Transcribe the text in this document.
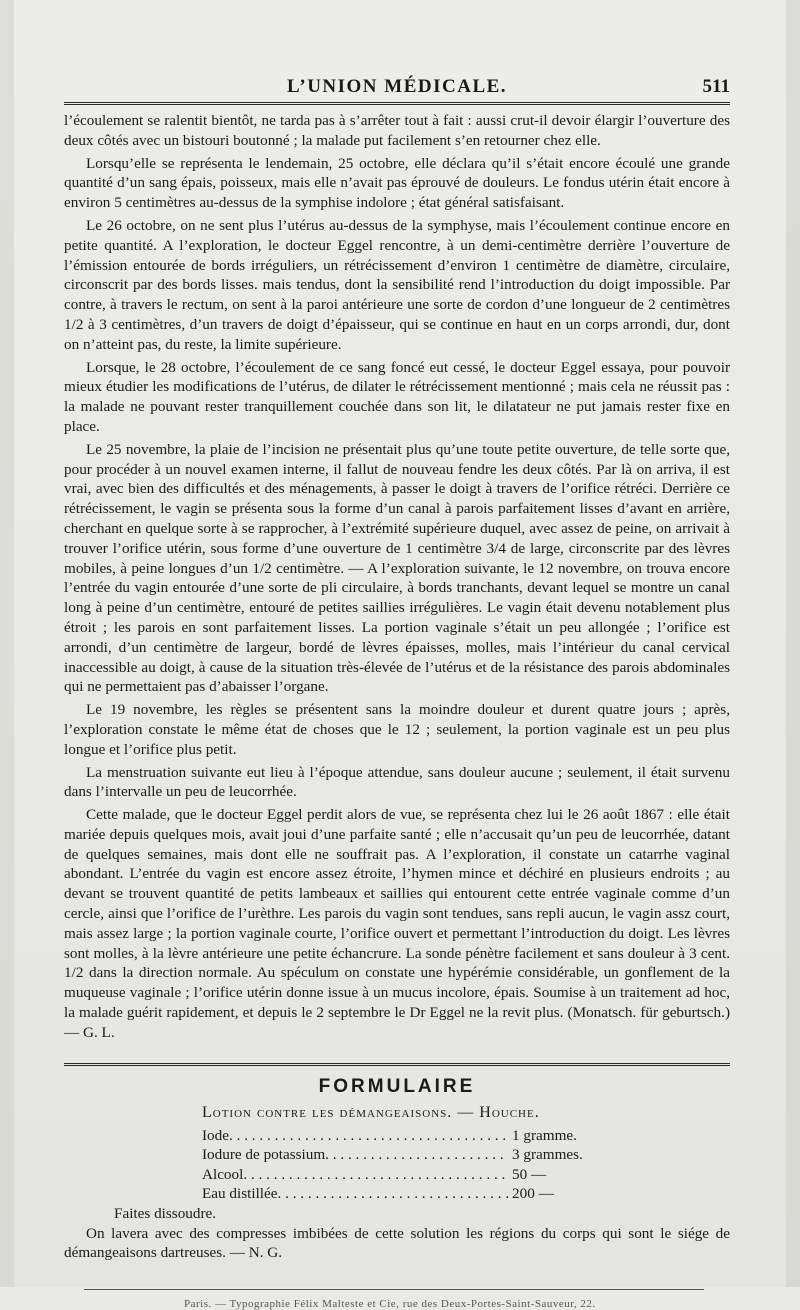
L’UNION MÉDICALE.	511

l’écoulement se ralentit bientôt, ne tarda pas à s’arrêter tout à fait : aussi crut-il devoir élargir l’ouverture des deux côtés avec un bistouri boutonné ; la malade put facilement s’en retourner chez elle.

Lorsqu’elle se représenta le lendemain, 25 octobre, elle déclara qu’il s’était encore écoulé une grande quantité d’un sang épais, poisseux, mais elle n’avait pas éprouvé de douleurs. Le fondus utérin était encore à environ 5 centimètres au-dessus de la symphise indolore ; état général satisfaisant.

Le 26 octobre, on ne sent plus l’utérus au-dessus de la symphyse, mais l’écoulement continue encore en petite quantité. A l’exploration, le docteur Eggel rencontre, à un demi-centimètre derrière l’ouverture de l’émission entourée de bords irréguliers, un rétrécissement d’environ 1 centimètre de diamètre, circulaire, circonscrit par des bords lisses. mais tendus, dont la sensibilité rend l’introduction du doigt impossible. Par contre, à travers le rectum, on sent à la paroi antérieure une sorte de cordon d’une longueur de 2 centimètres 1/2 à 3 centimètres, d’un travers de doigt d’épaisseur, qui se continue en haut en un corps arrondi, dur, dont on n’atteint pas, du reste, la limite supérieure.

Lorsque, le 28 octobre, l’écoulement de ce sang foncé eut cessé, le docteur Eggel essaya, pour pouvoir mieux étudier les modifications de l’utérus, de dilater le rétrécissement mentionné ; mais cela ne réussit pas : la malade ne pouvant rester tranquillement couchée dans son lit, le dilatateur ne put jamais rester fixe en place.

Le 25 novembre, la plaie de l’incision ne présentait plus qu’une toute petite ouverture, de telle sorte que, pour procéder à un nouvel examen interne, il fallut de nouveau fendre les deux côtés. Par là on arriva, il est vrai, avec bien des difficultés et des ménagements, à passer le doigt à travers de l’orifice rétréci. Derrière ce rétrécissement, le vagin se présenta sous la forme d’un canal à parois parfaitement lisses d’avant en arrière, cherchant en quelque sorte à se rapprocher, à l’extrémité supérieure duquel, avec assez de peine, on arrivait à trouver l’orifice utérin, sous forme d’une ouverture de 1 centimètre 3/4 de large, circonscrite par des lèvres mobiles, à peine longues d’un 1/2 centimètre. — A l’exploration suivante, le 12 novembre, on trouva encore l’entrée du vagin entourée d’une sorte de pli circulaire, à bords tranchants, devant lequel se montre un canal long à peine d’un centimètre, entouré de petites saillies irrégulières. Le vagin était devenu notablement plus étroit ; les parois en sont parfaitement lisses. La portion vaginale s’était un peu allongée ; l’orifice est arrondi, d’un centimètre de largeur, bordé de lèvres épaisses, molles, mais l’intérieur du canal cervical inaccessible au doigt, à cause de la situation très-élevée de l’utérus et de la résistance des parois abdominales qui ne permettaient pas d’abaisser l’organe.

Le 19 novembre, les règles se présentent sans la moindre douleur et durent quatre jours ; après, l’exploration constate le même état de choses que le 12 ; seulement, la portion vaginale est un peu plus longue et l’orifice plus petit.

La menstruation suivante eut lieu à l’époque attendue, sans douleur aucune ; seulement, il était survenu dans l’intervalle un peu de leucorrhée.

Cette malade, que le docteur Eggel perdit alors de vue, se représenta chez lui le 26 août 1867 : elle était mariée depuis quelques mois, avait joui d’une parfaite santé ; elle n’accusait qu’un peu de leucorrhée, datant de quelques semaines, mais dont elle ne souffrait pas. A l’exploration, il constate un catarrhe vaginal abondant. L’entrée du vagin est encore assez étroite, l’hymen mince et déchiré en plusieurs endroits ; au devant se trouvent quantité de petits lambeaux et saillies qui entourent cette entrée vaginale comme d’un cercle, ainsi que l’orifice de l’urèthre. Les parois du vagin sont tendues, sans repli aucun, le vagin assz court, mais assez large ; la portion vaginale courte, l’orifice ouvert et permettant l’introduction du doigt. Les lèvres sont molles, à la lèvre antérieure une petite échancrure. La sonde pénètre facilement et sans douleur à 3 cent. 1/2 dans la direction normale. Au spéculum on constate une hypérémie considérable, un gonflement de la muqueuse vaginale ; l’orifice utérin donne issue à un mucus incolore, épais. Soumise à un traitement ad hoc, la malade guérit rapidement, et depuis le 2 septembre le Dr Eggel ne la revit plus. (Monatsch. für geburtsch.) — G. L.

FORMULAIRE
Lotion contre les démangeaisons. — Houche.
Iode . . .	1 gramme.
Iodure de potassium . . .	3 grammes.
Alcool . . .	50 —
Eau distillée . . .	200 —
Faites dissoudre.

On lavera avec des compresses imbibées de cette solution les régions du corps qui sont le siége de démangeaisons dartreuses. — N. G.

Paris. — Typographie Félix Malteste et Cie, rue des Deux-Portes-Saint-Sauveur, 22.
